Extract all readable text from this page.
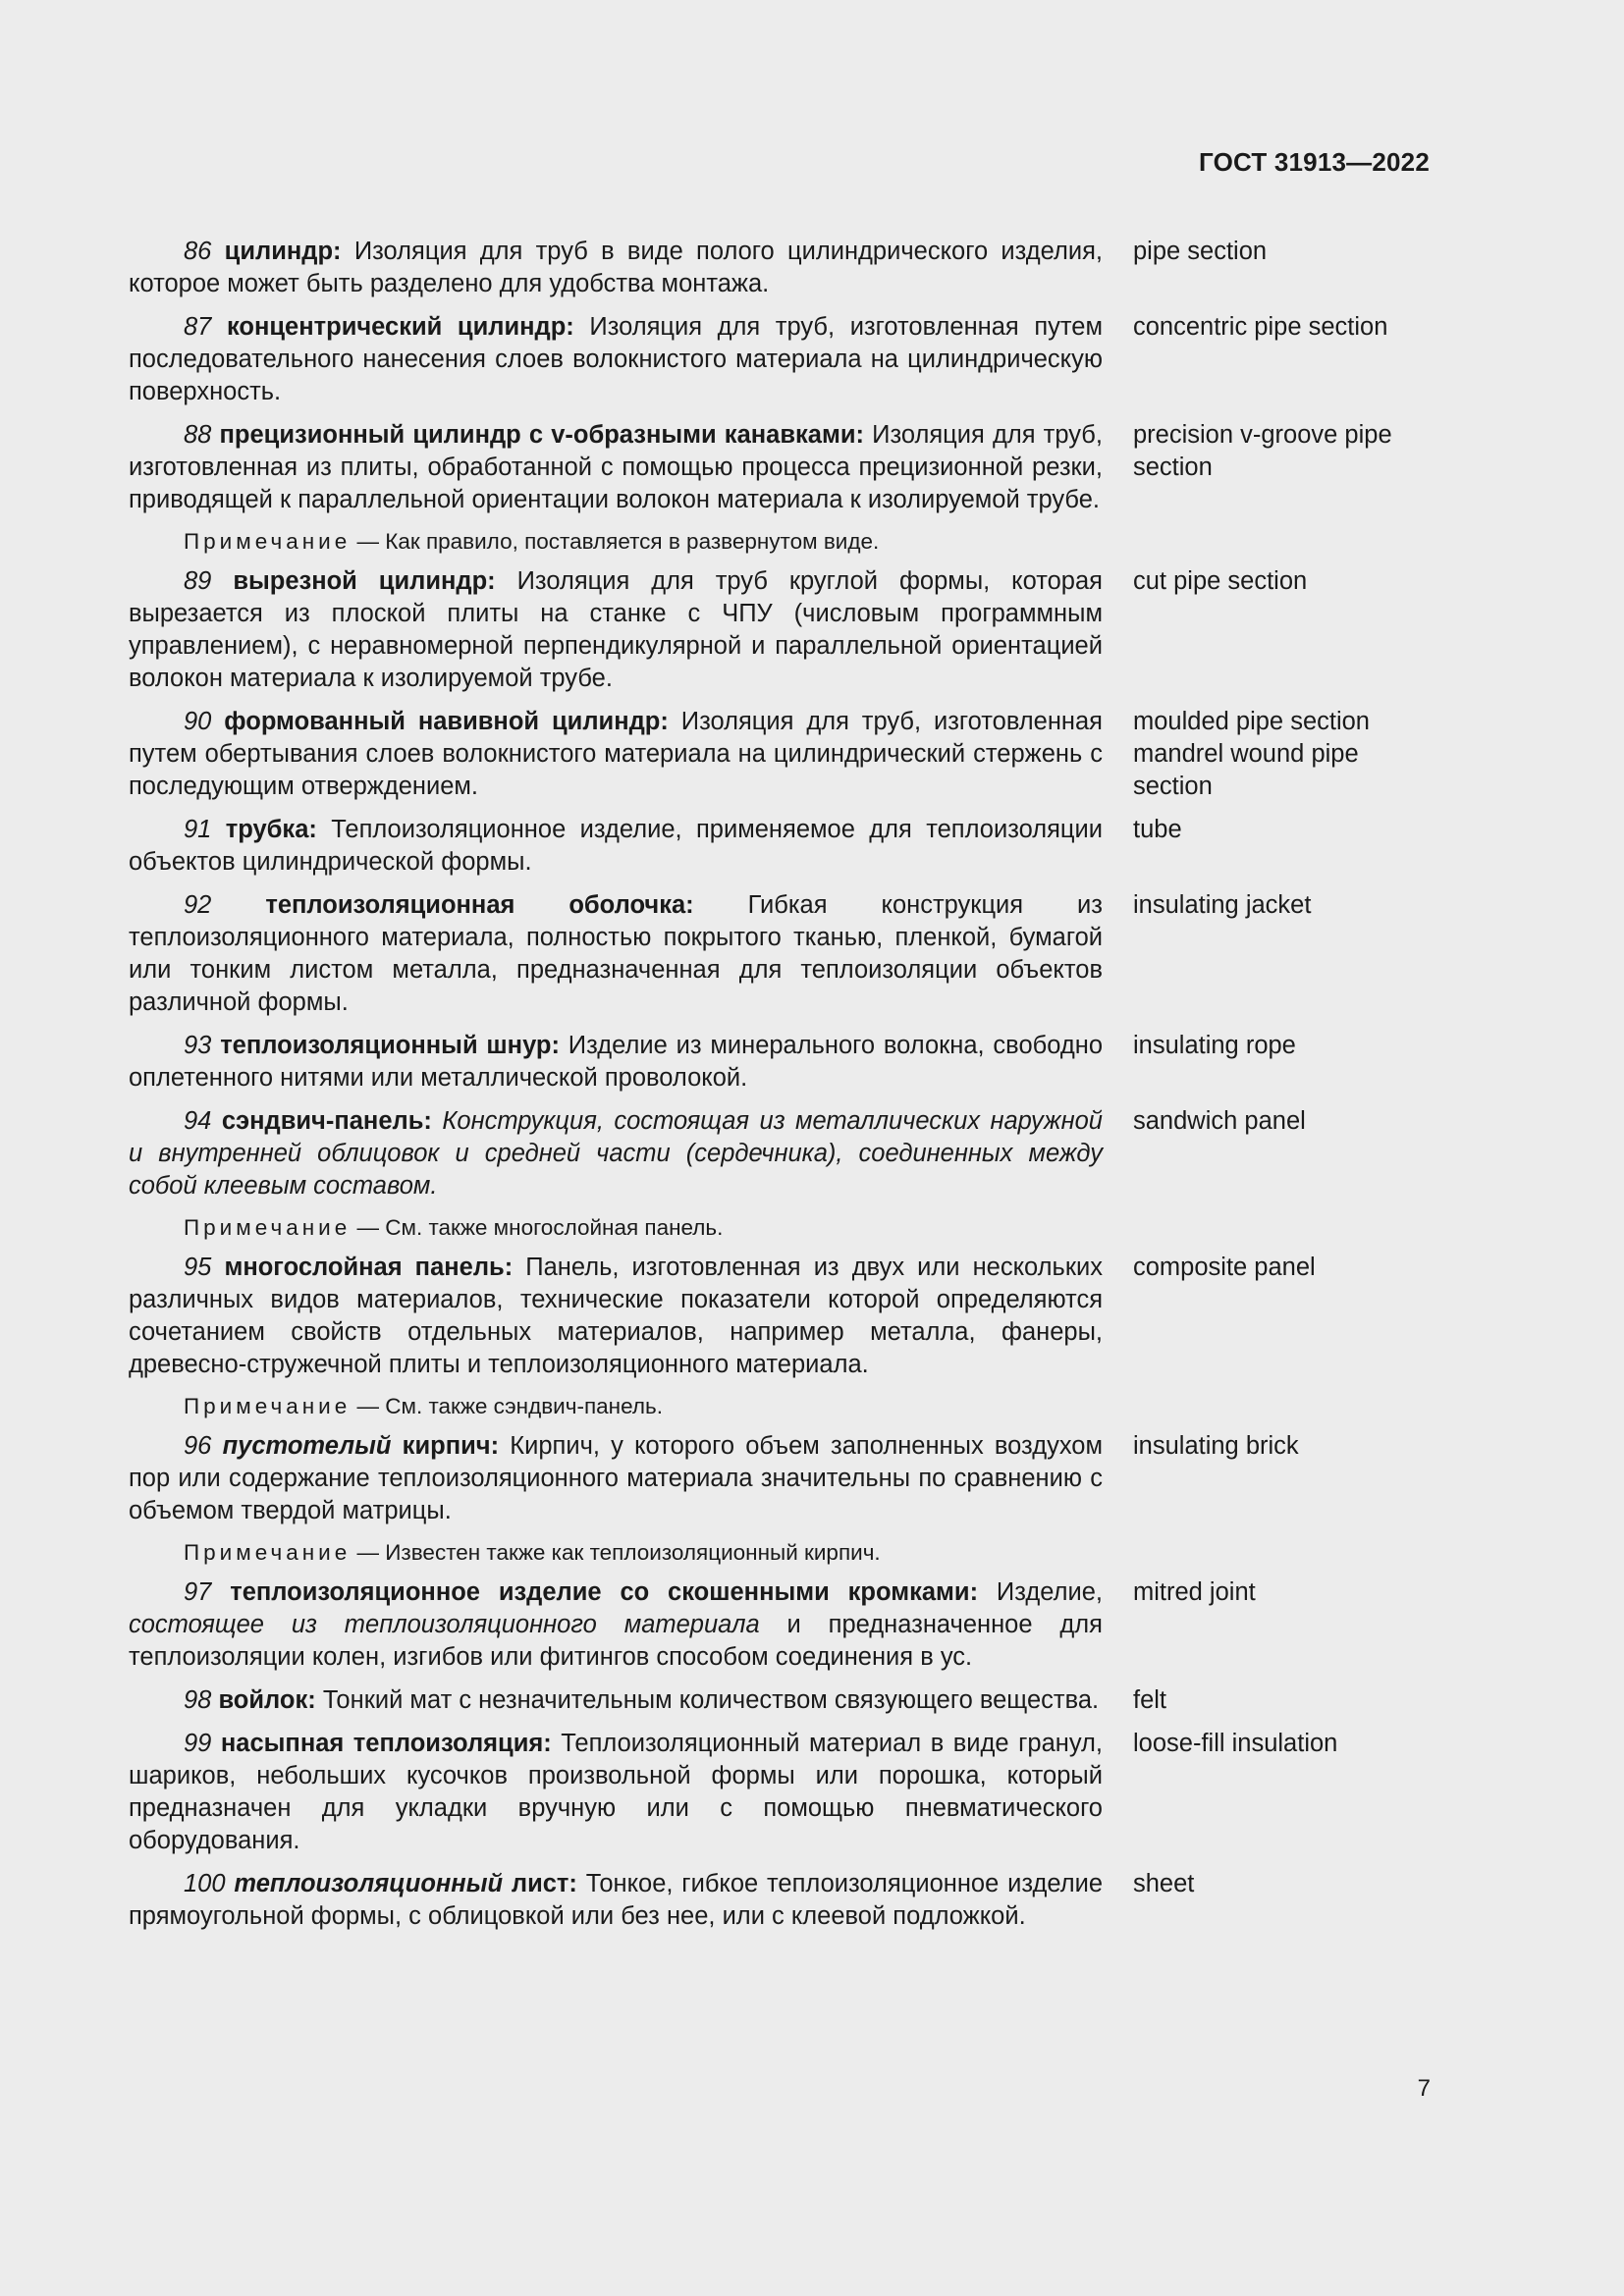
ГОСТ 31913—2022
86 цилиндр: Изоляция для труб в виде полого цилиндрического изделия, которое может быть разделено для удобства монтажа.
pipe section
87 концентрический цилиндр: Изоляция для труб, изготовленная путем последовательного нанесения слоев волокнистого материала на цилиндрическую поверхность.
concentric pipe section
88 прецизионный цилиндр с v-образными канавками: Изоляция для труб, изготовленная из плиты, обработанной с помощью процесса прецизионной резки, приводящей к параллельной ориентации волокон материала к изолируемой трубе.
precision v-groove pipe section
Примечание — Как правило, поставляется в развернутом виде.
89 вырезной цилиндр: Изоляция для труб круглой формы, которая вырезается из плоской плиты на станке с ЧПУ (числовым программным управлением), с неравномерной перпендикулярной и параллельной ориентацией волокон материала к изолируемой трубе.
cut pipe section
90 формованный навивной цилиндр: Изоляция для труб, изготовленная путем обертывания слоев волокнистого материала на цилиндрический стержень с последующим отверждением.
moulded pipe section
mandrel wound pipe section
91 трубка: Теплоизоляционное изделие, применяемое для теплоизоляции объектов цилиндрической формы.
tube
92 теплоизоляционная оболочка: Гибкая конструкция из теплоизоляционного материала, полностью покрытого тканью, пленкой, бумагой или тонким листом металла, предназначенная для теплоизоляции объектов различной формы.
insulating jacket
93 теплоизоляционный шнур: Изделие из минерального волокна, свободно оплетенного нитями или металлической проволокой.
insulating rope
94 сэндвич-панель: Конструкция, состоящая из металлических наружной и внутренней облицовок и средней части (сердечника), соединенных между собой клеевым составом.
sandwich panel
Примечание — См. также многослойная панель.
95 многослойная панель: Панель, изготовленная из двух или нескольких различных видов материалов, технические показатели которой определяются сочетанием свойств отдельных материалов, например металла, фанеры, древесно-стружечной плиты и теплоизоляционного материала.
composite panel
Примечание — См. также сэндвич-панель.
96 пустотелый кирпич: Кирпич, у которого объем заполненных воздухом пор или содержание теплоизоляционного материала значительны по сравнению с объемом твердой матрицы.
insulating brick
Примечание — Известен также как теплоизоляционный кирпич.
97 теплоизоляционное изделие со скошенными кромками: Изделие, состоящее из теплоизоляционного материала и предназначенное для теплоизоляции колен, изгибов или фитингов способом соединения в ус.
mitred joint
98 войлок: Тонкий мат с незначительным количеством связующего вещества. felt
99 насыпная теплоизоляция: Теплоизоляционный материал в виде гранул, шариков, небольших кусочков произвольной формы или порошка, который предназначен для укладки вручную или с помощью пневматического оборудования.
loose-fill insulation
100 теплоизоляционный лист: Тонкое, гибкое теплоизоляционное изделие прямоугольной формы, с облицовкой или без нее, или с клеевой подложкой.
sheet
7
